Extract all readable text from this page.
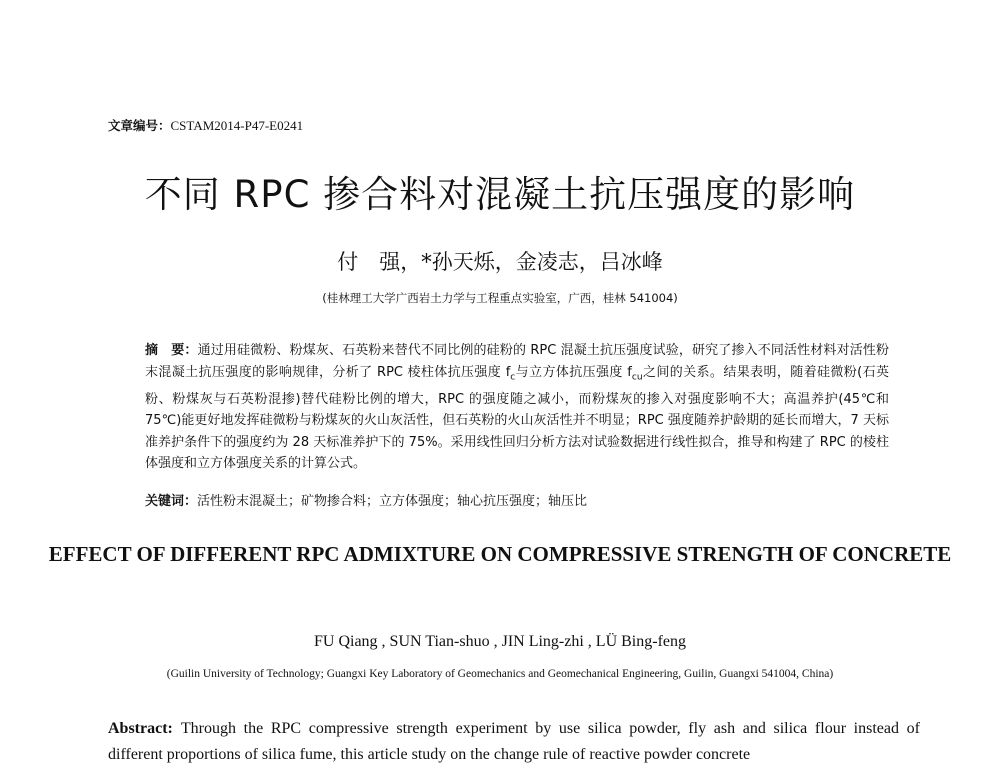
文章编号：CSTAM2014-P47-E0241
不同 RPC 掺合料对混凝土抗压强度的影响
付　强，*孙天烁，金凌志，吕冰峰
(桂林理工大学广西岩土力学与工程重点实验室，广西，桂林 541004)
摘　要：通过用硅微粉、粉煤灰、石英粉来替代不同比例的硅粉的 RPC 混凝土抗压强度试验，研究了掺入不同活性材料对活性粉末混凝土抗压强度的影响规律，分析了 RPC 棱柱体抗压强度 $f_c$与立方体抗压强度 $f_{cu}$之间的关系。结果表明，随着硅微粉(石英粉、粉煤灰与石英粉混掺)替代硅粉比例的增大，RPC 的强度随之减小，而粉煤灰的掺入对强度影响不大；高温养护(45℃和 75℃)能更好地发挥硅微粉与粉煤灰的火山灰活性，但石英粉的火山灰活性并不明显；RPC 强度随养护龄期的延长而增大，7 天标准养护条件下的强度约为 28 天标准养护下的 75%。采用线性回归分析方法对试验数据进行线性拟合，推导和构建了 RPC 的棱柱体强度和立方体强度关系的计算公式。
关键词：活性粉末混凝土；矿物掺合料；立方体强度；轴心抗压强度；轴压比
EFFECT OF DIFFERENT RPC ADMIXTURE ON COMPRESSIVE STRENGTH OF CONCRETE
FU Qiang , SUN Tian-shuo , JIN Ling-zhi , LÜ Bing-feng
(Guilin University of Technology; Guangxi Key Laboratory of Geomechanics and Geomechanical Engineering, Guilin, Guangxi 541004, China)
Abstract: Through the RPC compressive strength experiment by use silica powder, fly ash and silica flour instead of different proportions of silica fume, this article study on the change rule of reactive powder concrete
